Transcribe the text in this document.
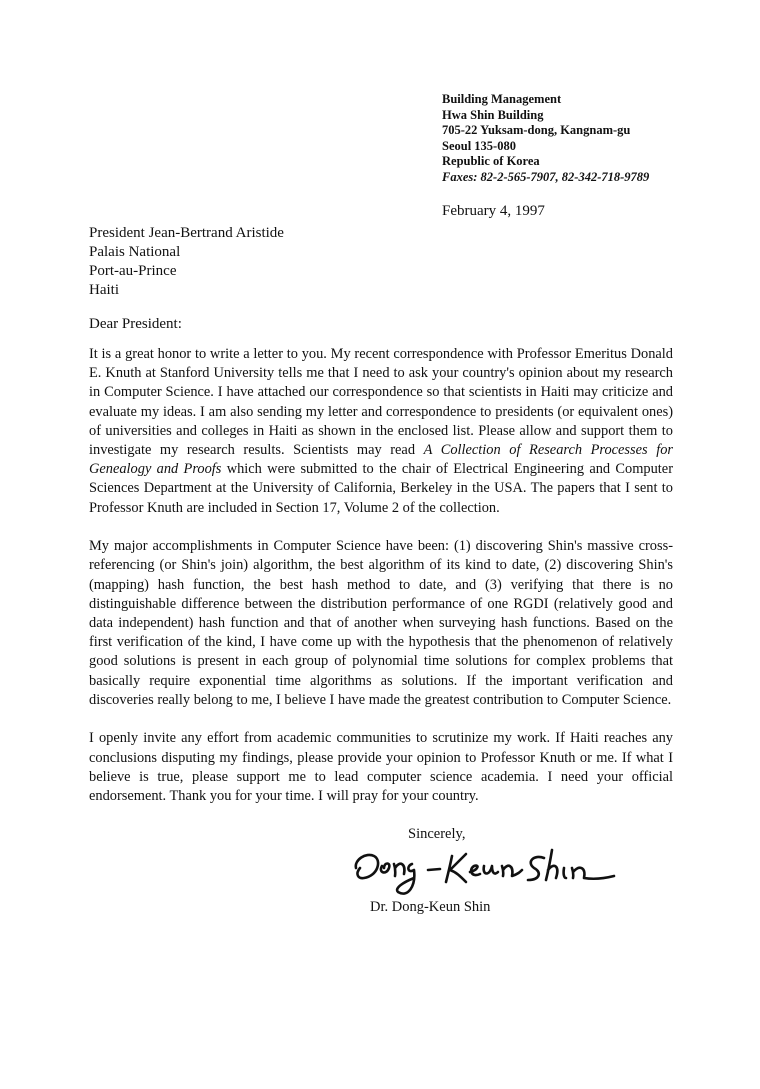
Building Management
Hwa Shin Building
705-22 Yuksam-dong, Kangnam-gu
Seoul 135-080
Republic of Korea
Faxes: 82-2-565-7907, 82-342-718-9789
February 4, 1997
President Jean-Bertrand Aristide
Palais National
Port-au-Prince
Haiti
Dear President:

It is a great honor to write a letter to you. My recent correspondence with Professor Emeritus Donald E. Knuth at Stanford University tells me that I need to ask your country's opinion about my research in Computer Science. I have attached our correspondence so that scientists in Haiti may criticize and evaluate my ideas. I am also sending my letter and correspondence to presidents (or equivalent ones) of universities and colleges in Haiti as shown in the enclosed list. Please allow and support them to investigate my research results. Scientists may read A Collection of Research Processes for Genealogy and Proofs which were submitted to the chair of Electrical Engineering and Computer Sciences Department at the University of California, Berkeley in the USA. The papers that I sent to Professor Knuth are included in Section 17, Volume 2 of the collection.

My major accomplishments in Computer Science have been: (1) discovering Shin's massive cross-referencing (or Shin's join) algorithm, the best algorithm of its kind to date, (2) discovering Shin's (mapping) hash function, the best hash method to date, and (3) verifying that there is no distinguishable difference between the distribution performance of one RGDI (relatively good and data independent) hash function and that of another when surveying hash functions. Based on the first verification of the kind, I have come up with the hypothesis that the phenomenon of relatively good solutions is present in each group of polynomial time solutions for complex problems that basically require exponential time algorithms as solutions. If the important verification and discoveries really belong to me, I believe I have made the greatest contribution to Computer Science.

I openly invite any effort from academic communities to scrutinize my work. If Haiti reaches any conclusions disputing my findings, please provide your opinion to Professor Knuth or me. If what I believe is true, please support me to lead computer science academia. I need your official endorsement. Thank you for your time. I will pray for your country.

Sincerely,
Dr. Dong-Keun Shin
